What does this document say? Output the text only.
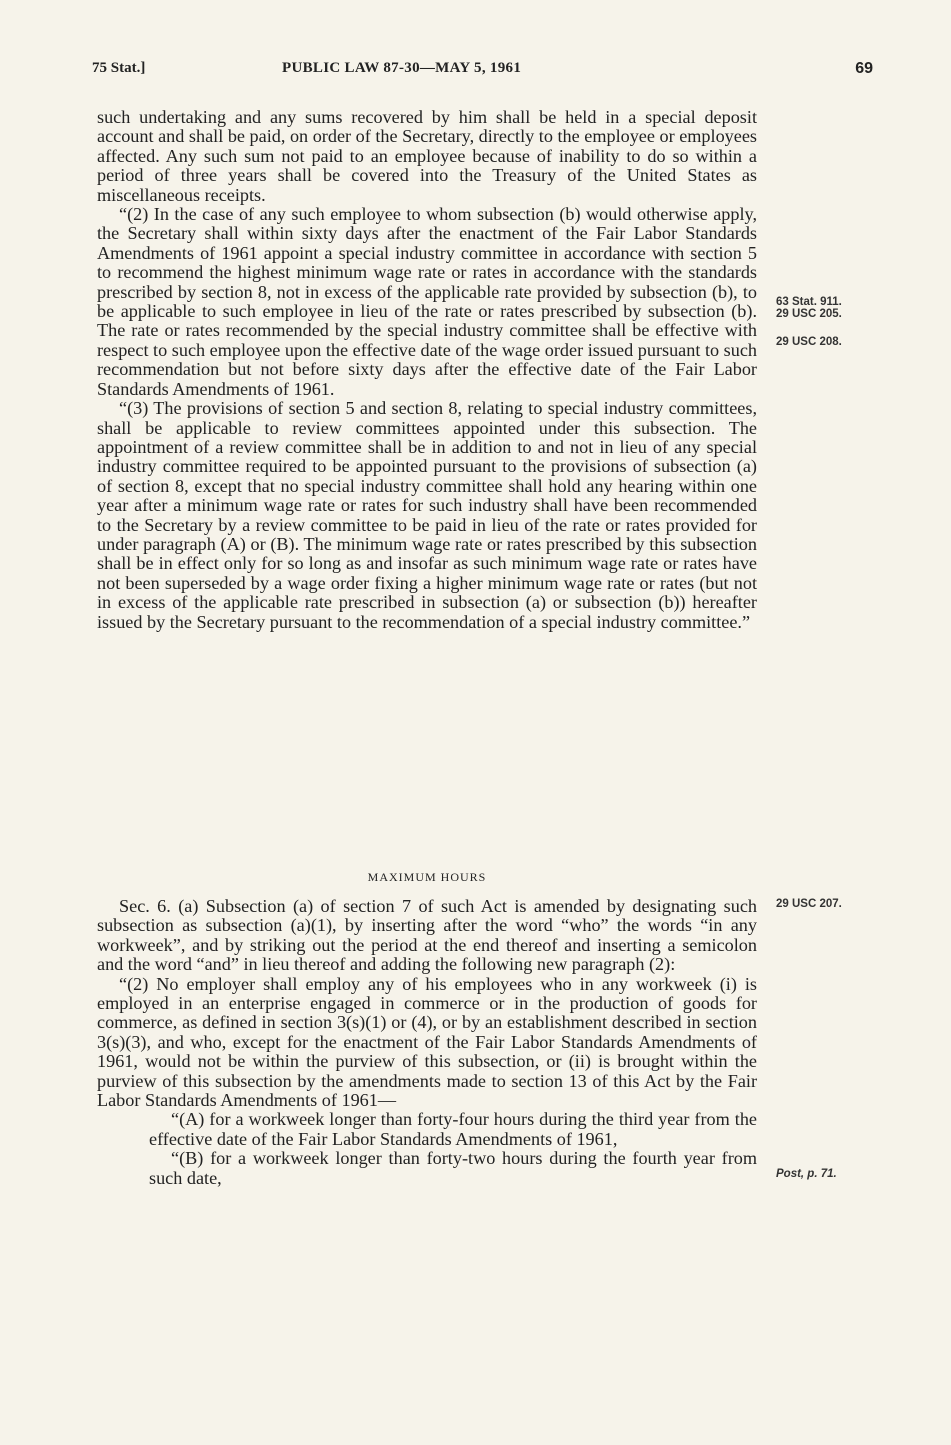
75 Stat.]	PUBLIC LAW 87-30—MAY 5, 1961	69

such undertaking and any sums recovered by him shall be held in a special deposit account and shall be paid, on order of the Secretary, directly to the employee or employees affected. Any such sum not paid to an employee because of inability to do so within a period of three years shall be covered into the Treasury of the United States as miscellaneous receipts.

“(2) In the case of any such employee to whom subsection (b) would otherwise apply, the Secretary shall within sixty days after the enactment of the Fair Labor Standards Amendments of 1961 appoint a special industry committee in accordance with section 5 to recommend the highest minimum wage rate or rates in accordance with the standards prescribed by section 8, not in excess of the applicable rate provided by subsection (b), to be applicable to such employee in lieu of the rate or rates prescribed by subsection (b). The rate or rates recommended by the special industry committee shall be effective with respect to such employee upon the effective date of the wage order issued pursuant to such recommendation but not before sixty days after the effective date of the Fair Labor Standards Amendments of 1961.

“(3) The provisions of section 5 and section 8, relating to special industry committees, shall be applicable to review committees appointed under this subsection. The appointment of a review committee shall be in addition to and not in lieu of any special industry committee required to be appointed pursuant to the provisions of subsection (a) of section 8, except that no special industry committee shall hold any hearing within one year after a minimum wage rate or rates for such industry shall have been recommended to the Secretary by a review committee to be paid in lieu of the rate or rates provided for under paragraph (A) or (B). The minimum wage rate or rates prescribed by this subsection shall be in effect only for so long as and insofar as such minimum wage rate or rates have not been superseded by a wage order fixing a higher minimum wage rate or rates (but not in excess of the applicable rate prescribed in subsection (a) or subsection (b)) hereafter issued by the Secretary pursuant to the recommendation of a special industry committee.”

MAXIMUM HOURS

Sec. 6. (a) Subsection (a) of section 7 of such Act is amended by designating such subsection as subsection (a)(1), by inserting after the word “who” the words “in any workweek”, and by striking out the period at the end thereof and inserting a semicolon and the word “and” in lieu thereof and adding the following new paragraph (2):

“(2) No employer shall employ any of his employees who in any workweek (i) is employed in an enterprise engaged in commerce or in the production of goods for commerce, as defined in section 3(s)(1) or (4), or by an establishment described in section 3(s)(3), and who, except for the enactment of the Fair Labor Standards Amendments of 1961, would not be within the purview of this subsection, or (ii) is brought within the purview of this subsection by the amendments made to section 13 of this Act by the Fair Labor Standards Amendments of 1961—

“(A) for a workweek longer than forty-four hours during the third year from the effective date of the Fair Labor Standards Amendments of 1961,

“(B) for a workweek longer than forty-two hours during the fourth year from such date,

63 Stat. 911.
29 USC 205.
29 USC 208.
29 USC 207.
Post, p. 71.
